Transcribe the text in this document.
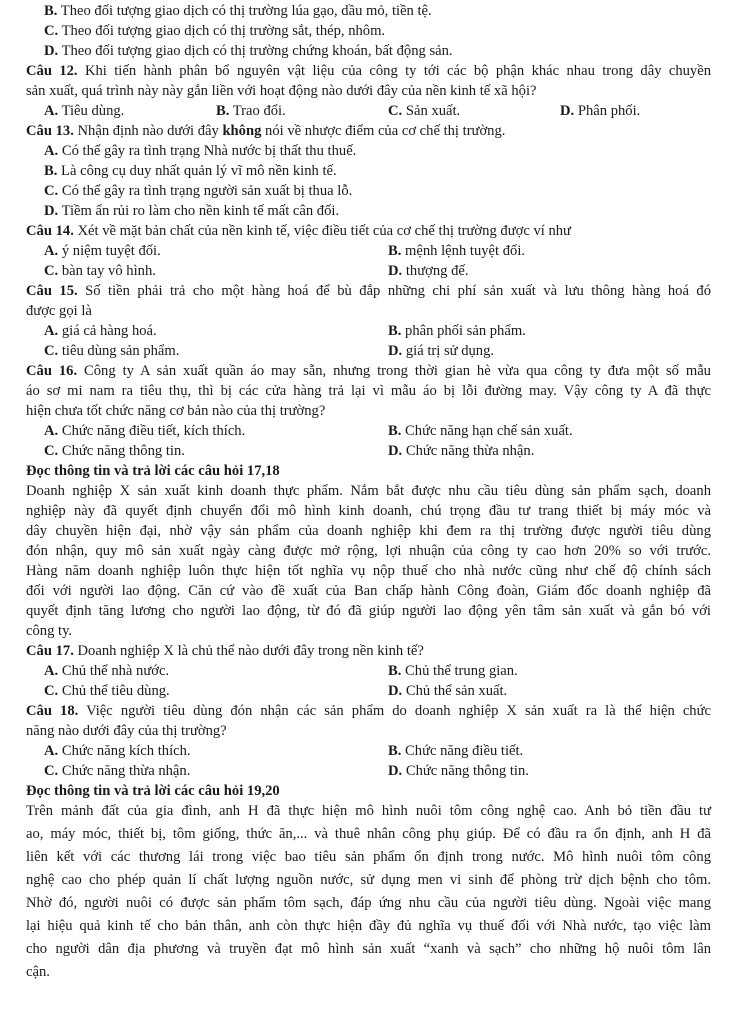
B. Theo đối tượng giao dịch có thị trường lúa gạo, dầu mỏ, tiền tệ.
C. Theo đối tượng giao dịch có thị trường sắt, thép, nhôm.
D. Theo đối tượng giao dịch có thị trường chứng khoán, bất động sản.
Câu 12. Khi tiến hành phân bổ nguyên vật liệu của công ty tới các bộ phận khác nhau trong dây chuyền
sản xuất, quá trình này này gắn liền với hoạt động nào dưới đây của nền kinh tế xã hội?
A. Tiêu dùng.	B. Trao đổi.	C. Sản xuất.	D. Phân phối.
Câu 13. Nhận định nào dưới đây không nói về nhược điểm của cơ chế thị trường.
A. Có thể gây ra tình trạng Nhà nước bị thất thu thuế.
B. Là công cụ duy nhất quản lý vĩ mô nền kinh tế.
C. Có thể gây ra tình trạng người sản xuất bị thua lỗ.
D. Tiềm ẩn rủi ro làm cho nền kinh tế mất cân đối.
Câu 14. Xét về mặt bản chất của nền kinh tế, việc điều tiết của cơ chế thị trường được ví như
A. ý niệm tuyệt đối.	B. mệnh lệnh tuyệt đối.
C. bàn tay vô hình.	D. thượng đế.
Câu 15. Số tiền phải trả cho một hàng hoá để bù đắp những chi phí sản xuất và lưu thông hàng hoá đó
được gọi là
A. giá cả hàng hoá.	B. phân phối sản phẩm.
C. tiêu dùng sản phẩm.	D. giá trị sử dụng.
Câu 16. Công ty A sản xuất quần áo may sẵn, nhưng trong thời gian hè vừa qua công ty đưa một số mẫu
áo sơ mi nam ra tiêu thụ, thì bị các cửa hàng trả lại vì mẫu áo bị lỗi đường may. Vậy công ty A đã thực
hiện chưa tốt chức năng cơ bản nào của thị trường?
A. Chức năng điều tiết, kích thích.	B. Chức năng hạn chế sản xuất.
C. Chức năng thông tin.	D. Chức năng thừa nhận.
Đọc thông tin và trả lời các câu hỏi 17,18
Doanh nghiệp X sản xuất kinh doanh thực phẩm. Nắm bắt được nhu cầu tiêu dùng sản phẩm sạch, doanh
nghiệp này đã quyết định chuyển đổi mô hình kinh doanh, chú trọng đầu tư trang thiết bị máy móc và
dây chuyền hiện đại, nhờ vậy sản phẩm của doanh nghiệp khi đem ra thị trường được người tiêu dùng
đón nhận, quy mô sản xuất ngày càng được mở rộng, lợi nhuận của công ty cao hơn 20% so với trước.
Hàng năm doanh nghiệp luôn thực hiện tốt nghĩa vụ nộp thuế cho nhà nước cũng như chế độ chính sách
đối với người lao động. Căn cứ vào đề xuất của Ban chấp hành Công đoàn, Giám đốc doanh nghiệp đã
quyết định tăng lương cho người lao động, từ đó đã giúp người lao động yên tâm sản xuất và gắn bó với
công ty.
Câu 17. Doanh nghiệp X là chủ thể nào dưới đây trong nền kinh tế?
A. Chủ thể nhà nước.	B. Chủ thể trung gian.
C. Chủ thể tiêu dùng.	D. Chủ thể sản xuất.
Câu 18. Việc người tiêu dùng đón nhận các sản phẩm do doanh nghiệp X sản xuất ra là thể hiện chức
năng nào dưới đây của thị trường?
A. Chức năng kích thích.	B. Chức năng điều tiết.
C. Chức năng thừa nhận.	D. Chức năng thông tin.
Đọc thông tin và trả lời các câu hỏi 19,20
Trên mảnh đất của gia đình, anh H đã thực hiện mô hình nuôi tôm công nghệ cao. Anh bỏ tiền đầu tư
ao, máy móc, thiết bị, tôm giống, thức ăn,... và thuê nhân công phụ giúp. Để có đầu ra ổn định, anh H đã
liên kết với các thương lái trong việc bao tiêu sản phẩm ổn định trong nước. Mô hình nuôi tôm công
nghệ cao cho phép quản lí chất lượng nguồn nước, sử dụng men vi sinh để phòng trừ dịch bệnh cho tôm.
Nhờ đó, người nuôi có được sản phẩm tôm sạch, đáp ứng nhu cầu của người tiêu dùng. Ngoài việc mang
lại hiệu quả kinh tế cho bản thân, anh còn thực hiện đầy đủ nghĩa vụ thuế đối với Nhà nước, tạo việc làm
cho người dân địa phương và truyền đạt mô hình sản xuất “xanh và sạch” cho những hộ nuôi tôm lân
cận.
